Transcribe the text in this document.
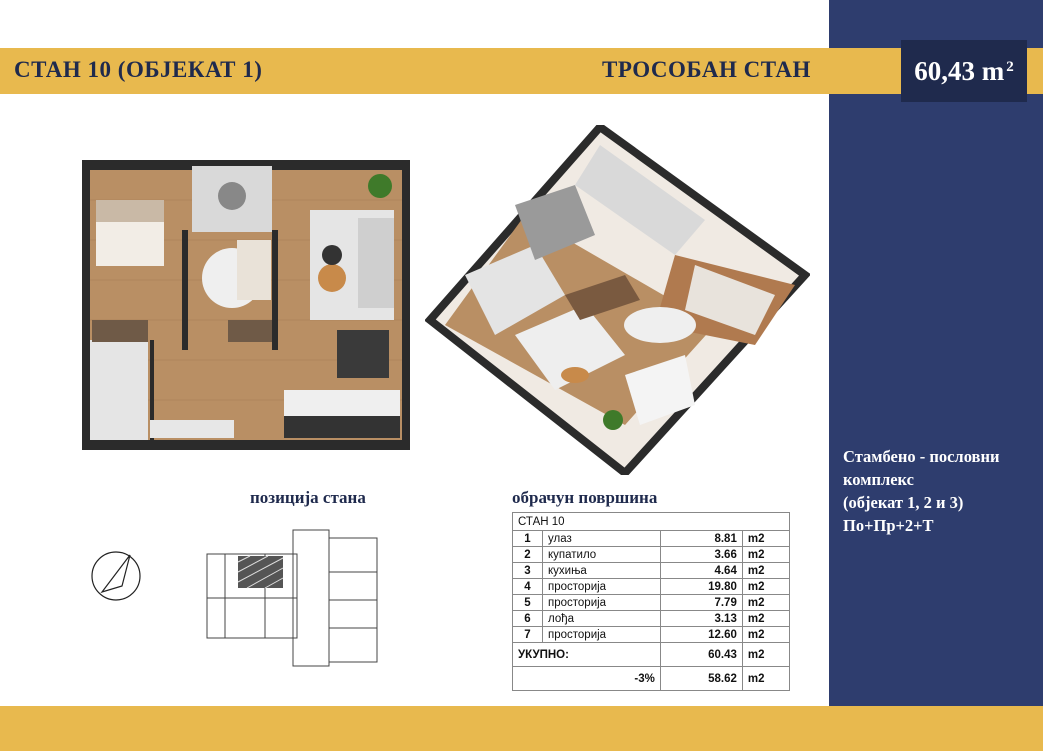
СТАН 10 (ОБЈЕКАТ 1)	ТРОСОБАН СТАН	60,43 $m^2$
позиција стана	обрачун површина
СТАН 10			
1	улаз	8.81	m2
2	купатило	3.66	m2
3	кухиња	4.64	m2
4	просторија	19.80	m2
5	просторија	7.79	m2
6	лођа	3.13	m2
7	просторија	12.60	m2
УКУПНО:		60.43	m2
-3%		58.62	m2
Стамбено - пословни
комплекс
(објекат 1, 2 и 3)
По+Пр+2+Т
